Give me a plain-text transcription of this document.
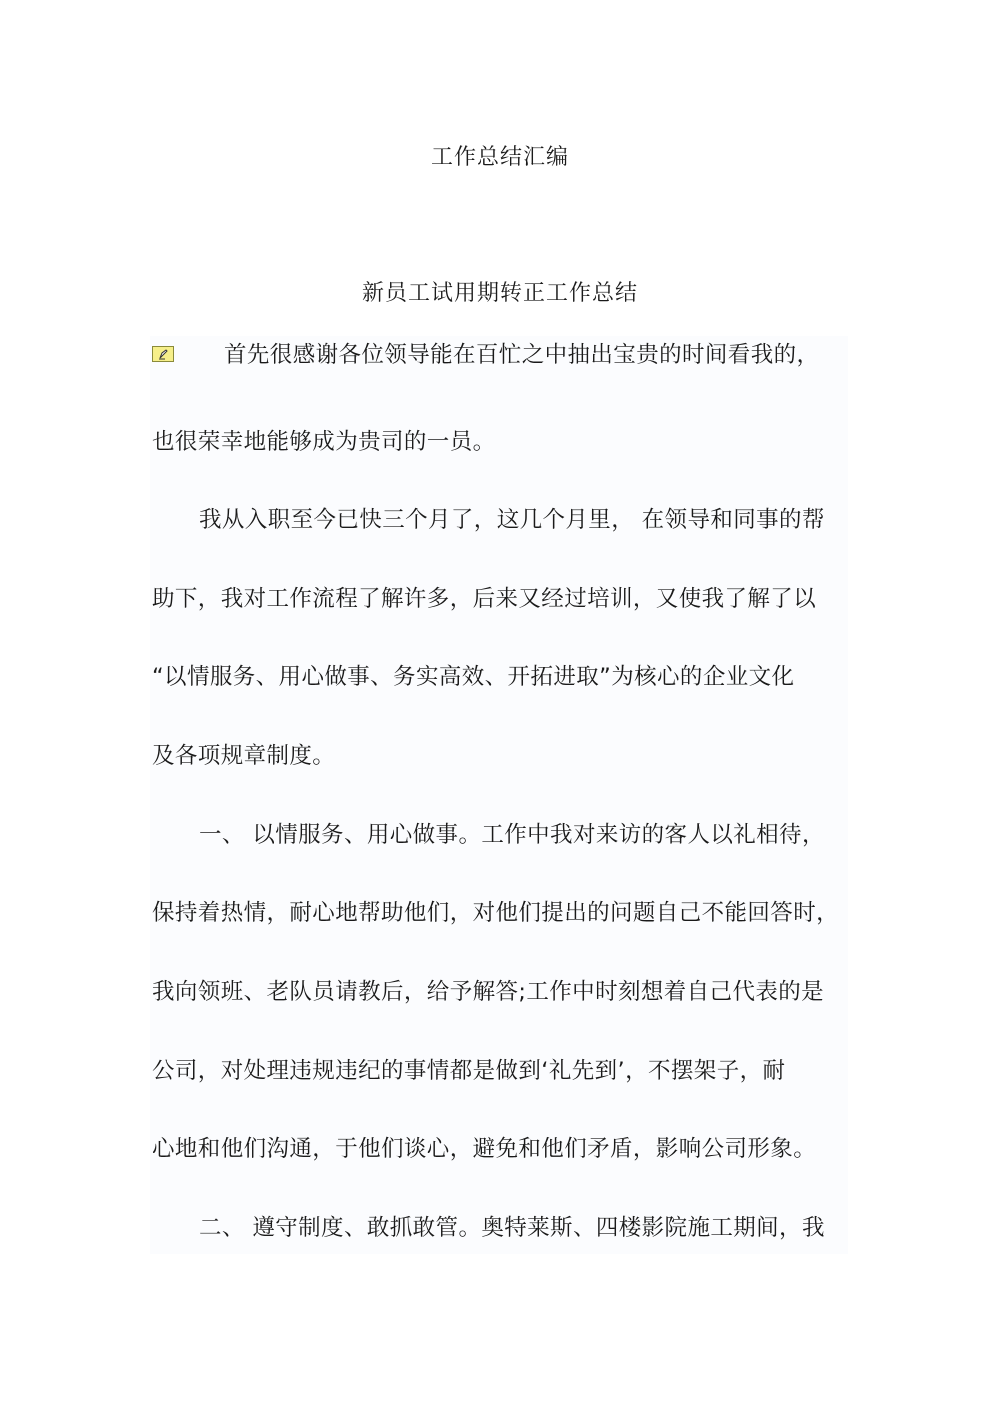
工作总结汇编
新员工试用期转正工作总结
首先很感谢各位领导能在百忙之中抽出宝贵的时间看我的，
也很荣幸地能够成为贵司的一员。
我从入职至今已快三个月了，这几个月里， 在领导和同事的帮
助下，我对工作流程了解许多，后来又经过培训，又使我了解了以
“以情服务、用心做事、务实高效、开拓进取”为核心的企业文化
及各项规章制度。
一、 以情服务、用心做事。工作中我对来访的客人以礼相待，
保持着热情，耐心地帮助他们，对他们提出的问题自己不能回答时，
我向领班、老队员请教后，给予解答;工作中时刻想着自己代表的是
公司，对处理违规违纪的事情都是做到‘礼先到’，不摆架子，耐
心地和他们沟通，于他们谈心，避免和他们矛盾，影响公司形象。
二、 遵守制度、敢抓敢管。奥特莱斯、四楼影院施工期间，我
